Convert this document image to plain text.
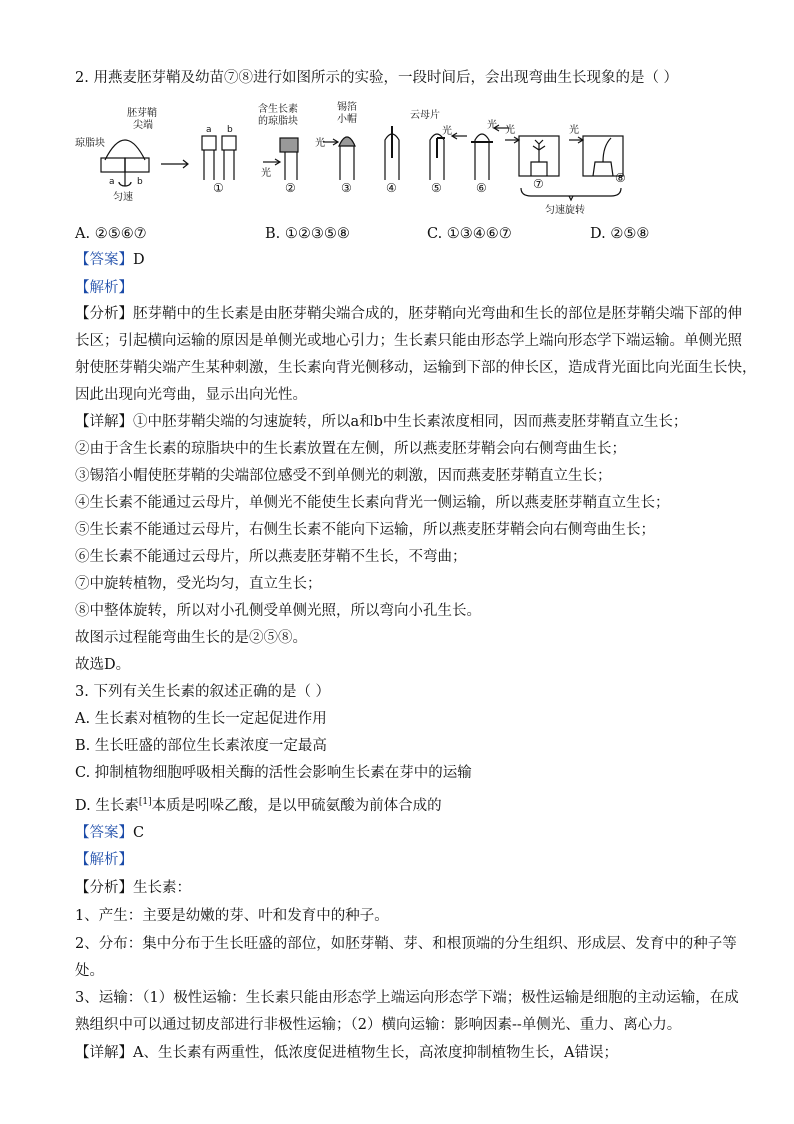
2. 用燕麦胚芽鞘及幼苗⑦⑧进行如图所示的实验，一段时间后，会出现弯曲生长现象的是（ ）
琼脂块
胚芽鞘
尖端
a b
匀速
a b
含生长素
的琼脂块
光
锡箔
小帽
光
云母片
光
光 光	光
①	②	③	④	⑤	⑥	⑦	⑧
匀速旋转
A. ②⑤⑥⑦	B. ①②③⑤⑧	C. ①③④⑥⑦	D. ②⑤⑧
【答案】D
【解析】
【分析】胚芽鞘中的生长素是由胚芽鞘尖端合成的，胚芽鞘向光弯曲和生长的部位是胚芽鞘尖端下部的伸
长区；引起横向运输的原因是单侧光或地心引力；生长素只能由形态学上端向形态学下端运输。单侧光照
射使胚芽鞘尖端产生某种刺激，生长素向背光侧移动，运输到下部的伸长区，造成背光面比向光面生长快，
因此出现向光弯曲，显示出向光性。
【详解】①中胚芽鞘尖端的匀速旋转，所以a和b中生长素浓度相同，因而燕麦胚芽鞘直立生长；
②由于含生长素的琼脂块中的生长素放置在左侧，所以燕麦胚芽鞘会向右侧弯曲生长；
③锡箔小帽使胚芽鞘的尖端部位感受不到单侧光的刺激，因而燕麦胚芽鞘直立生长；
④生长素不能通过云母片，单侧光不能使生长素向背光一侧运输，所以燕麦胚芽鞘直立生长；
⑤生长素不能通过云母片，右侧生长素不能向下运输，所以燕麦胚芽鞘会向右侧弯曲生长；
⑥生长素不能通过云母片，所以燕麦胚芽鞘不生长，不弯曲；
⑦中旋转植物，受光均匀，直立生长；
⑧中整体旋转，所以对小孔侧受单侧光照，所以弯向小孔生长。
故图示过程能弯曲生长的是②⑤⑧。
故选D。
3. 下列有关生长素的叙述正确的是（ ）
A. 生长素对植物的生长一定起促进作用
B. 生长旺盛的部位生长素浓度一定最高
C. 抑制植物细胞呼吸相关酶的活性会影响生长素在芽中的运输
D. 生长素[1]本质是吲哚乙酸，是以甲硫氨酸为前体合成的
【答案】C
【解析】
【分析】生长素：
1、产生：主要是幼嫩的芽、叶和发育中的种子。
2、分布：集中分布于生长旺盛的部位，如胚芽鞘、芽、和根顶端的分生组织、形成层、发育中的种子等
处。
3、运输：（1）极性运输：生长素只能由形态学上端运向形态学下端；极性运输是细胞的主动运输，在成
熟组织中可以通过韧皮部进行非极性运输；（2）横向运输：影响因素--单侧光、重力、离心力。
【详解】A、生长素有两重性，低浓度促进植物生长，高浓度抑制植物生长，A错误；
